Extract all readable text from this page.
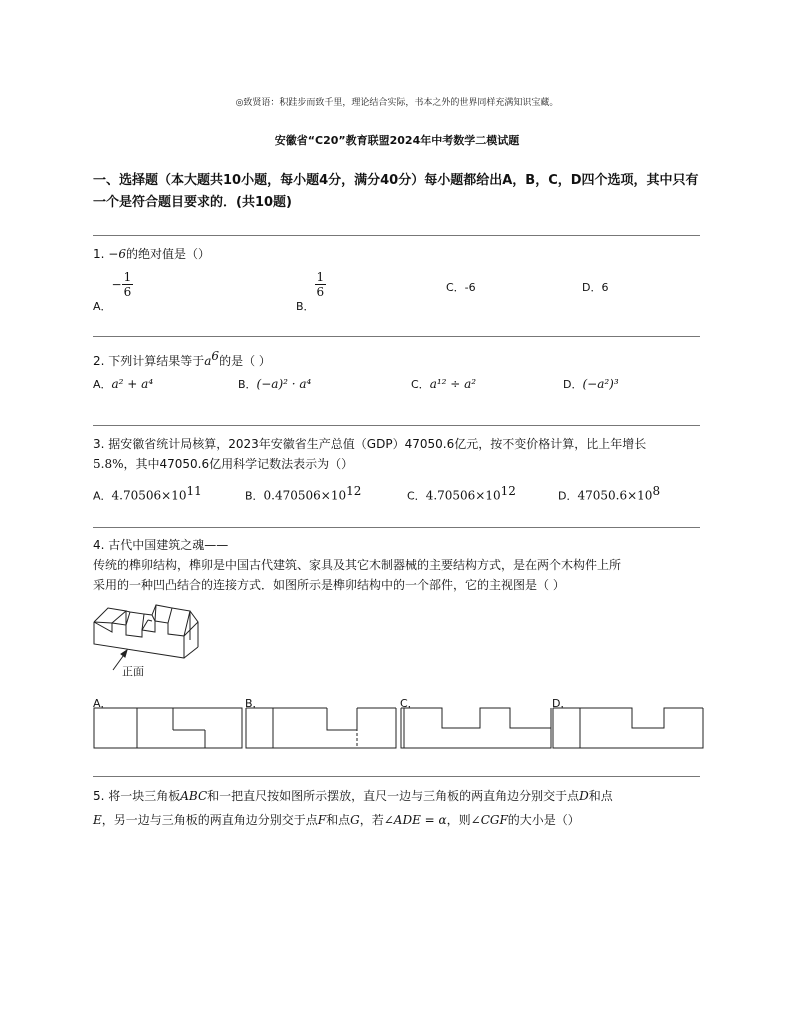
◎致贤语：积跬步而致千里，理论结合实际，书本之外的世界同样充满知识宝藏。
安徽省“C20”教育联盟2024年中考数学二模试题
一、选择题（本大题共10小题，每小题4分，满分40分）每小题都给出A，B，C，D四个选项，其中只有一个是符合题目要求的．(共10题)
1. −6的绝对值是（）
A．− $\frac{1}{6}$
B．
$\frac{1}{6}$	C．-6	D．6
2. 下列计算结果等于$a^6$的是（ ）
A．a² + a⁴	B．(−a)² · a⁴	C．a¹² ÷ a²	D．(−a²)³
3. 据安徽省统计局核算，2023年安徽省生产总值（GDP）47050.6亿元，按不变价格计算，比上年增长
5.8%，其中47050.6亿用科学记数法表示为（）
A．$4.70506\times 10^{11}$	B．$0.470506\times 10^{12}$	C．$4.70506\times 10^{12}$	D．$47050.6\times 10^8$
4. 古代中国建筑之魂——
传统的榫卯结构，榫卯是中国古代建筑、家具及其它木制器械的主要结构方式，是在两个木构件上所
采用的一种凹凸结合的连接方式．如图所示是榫卯结构中的一个部件，它的主视图是（ ）
正面
A．	B．	C．	D．
5. 将一块三角板ABC和一把直尺按如图所示摆放，直尺一边与三角板的两直角边分别交于点D和点
E，另一边与三角板的两直角边分别交于点F和点G，若∠ADE = α，则∠CGF的大小是（）
